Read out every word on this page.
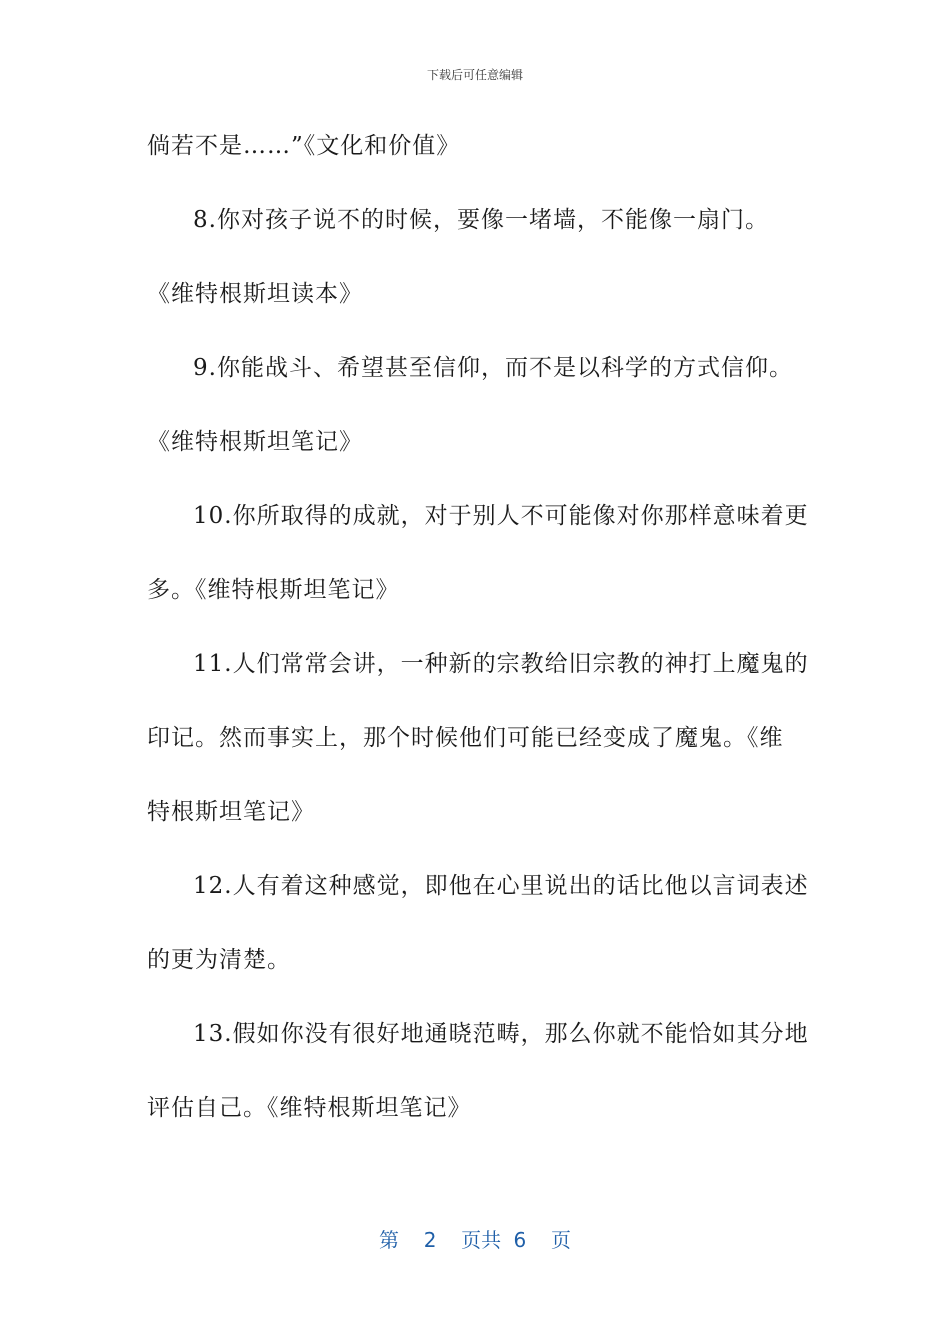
下载后可任意编辑
倘若不是……”《文化和价值》
8.你对孩子说不的时候，要像一堵墙，不能像一扇门。
《维特根斯坦读本》
9.你能战斗、希望甚至信仰，而不是以科学的方式信仰。
《维特根斯坦笔记》
10.你所取得的成就，对于别人不可能像对你那样意味着更
多。《维特根斯坦笔记》
11.人们常常会讲，一种新的宗教给旧宗教的神打上魔鬼的
印记。然而事实上，那个时候他们可能已经变成了魔鬼。《维
特根斯坦笔记》
12.人有着这种感觉，即他在心里说出的话比他以言词表述
的更为清楚。
13.假如你没有很好地通晓范畴，那么你就不能恰如其分地
评估自己。《维特根斯坦笔记》
第  2  页共 6  页
